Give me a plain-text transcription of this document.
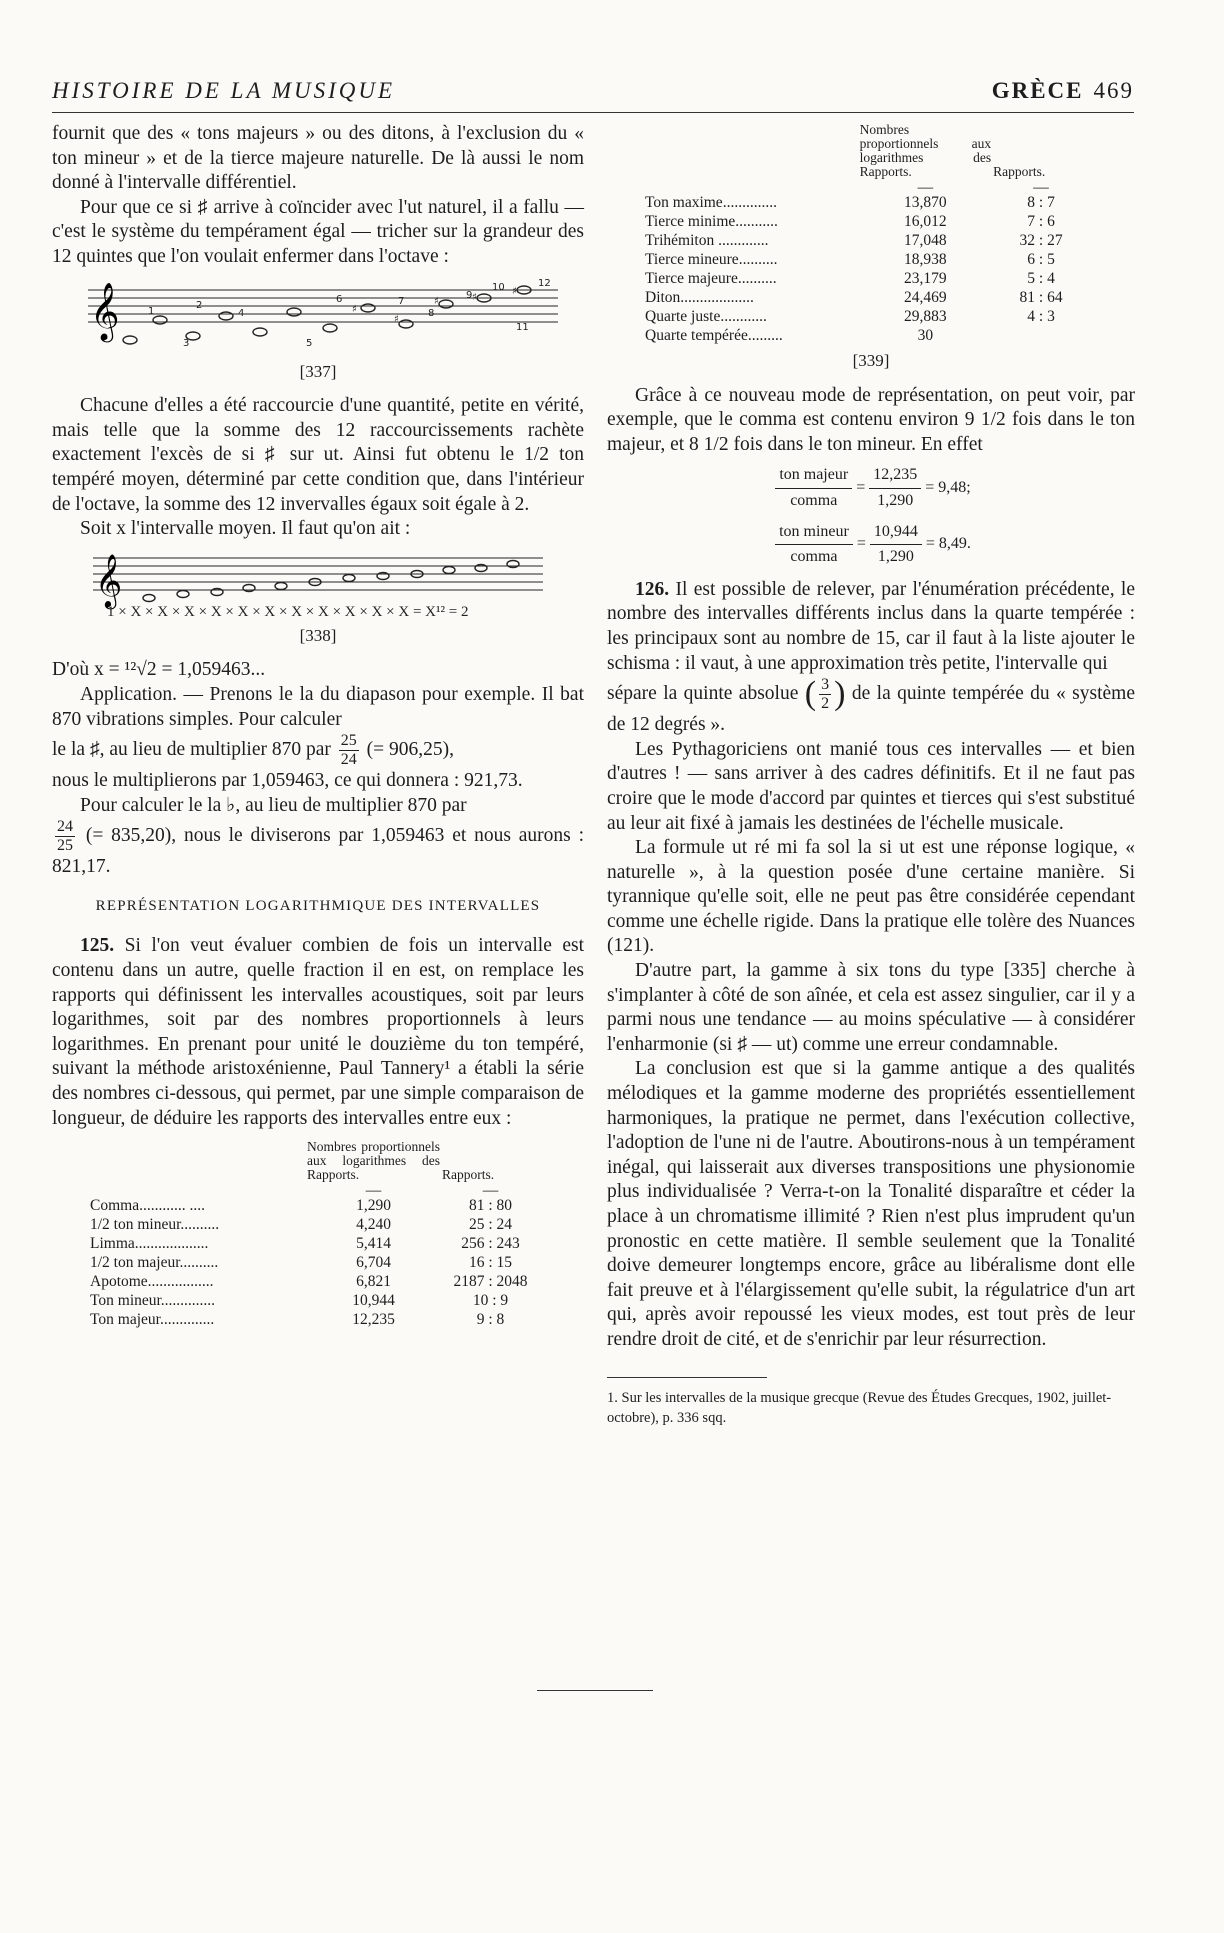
HISTOIRE DE LA MUSIQUE	GRÈCE 469

fournit que des « tons majeurs » ou des ditons, à l'exclusion du « ton mineur » et de la tierce majeure naturelle. De là aussi le nom donné à l'intervalle différentiel.

Pour que ce si ♯ arrive à coïncider avec l'ut naturel, il a fallu — c'est le système du tempérament égal — tricher sur la grandeur des 12 quintes que l'on voulait enfermer dans l'octave :

𝄞	1
2
3
4
5
6	7
8
9
10
11
12
♯
♯
♯	♯
♯
[337]

Chacune d'elles a été raccourcie d'une quantité, petite en vérité, mais telle que la somme des 12 raccourcissements rachète exactement l'excès de si ♯ sur ut. Ainsi fut obtenu le 1/2 ton tempéré moyen, déterminé par cette condition que, dans l'intérieur de l'octave, la somme des 12 invervalles égaux soit égale à 2.

Soit x l'intervalle moyen. Il faut qu'on ait :

𝄞
1 × X × X × X × X × X × X × X × X × X × X × X = X¹² = 2
[338]

D'où x = ¹²√2 = 1,059463...

Application. — Prenons le la du diapason pour exemple. Il bat 870 vibrations simples. Pour calculer

le la ♯, au lieu de multiplier 870 par $\frac{25}{24}$ (= 906,25),

nous le multiplierons par 1,059463, ce qui donnera : 921,73.

Pour calculer le la ♭, au lieu de multiplier 870 par

$\frac{24}{25}$ (= 835,20), nous le diviserons par 1,059463 et nous aurons : 821,17.

REPRÉSENTATION LOGARITHMIQUE DES INTERVALLES

125. Si l'on veut évaluer combien de fois un intervalle est contenu dans un autre, quelle fraction il en est, on remplace les rapports qui définissent les intervalles acoustiques, soit par leurs logarithmes, soit par des nombres proportionnels à leurs logarithmes. En prenant pour unité le douzième du ton tempéré, suivant la méthode aristoxénienne, Paul Tannery¹ a établi la série des nombres ci-dessous, qui permet, par une simple comparaison de longueur, de déduire les rapports des intervalles entre eux :

	Nombres proportionnels aux logarithmes des Rapports.	Rapports.
	—	—
Comma............ ....	1,290	81 : 80
1/2 ton mineur..........	4,240	25 : 24
Limma...................	5,414	256 : 243
1/2 ton majeur..........	6,704	16 : 15
Apotome.................	6,821	2187 : 2048
Ton mineur..............	10,944	10 : 9
Ton majeur..............	12,235	9 : 8
	Nombres proportionnels aux logarithmes des Rapports.	Rapports.
	—	—
Ton maxime..............	13,870	8 : 7
Tierce minime...........	16,012	7 : 6
Trihémiton .............	17,048	32 : 27
Tierce mineure..........	18,938	6 : 5
Tierce majeure..........	23,179	5 : 4
Diton...................	24,469	81 : 64
Quarte juste............	29,883	4 : 3
Quarte tempérée.........	30	
[339]

Grâce à ce nouveau mode de représentation, on peut voir, par exemple, que le comma est contenu environ 9 1/2 fois dans le ton majeur, et 8 1/2 fois dans le ton mineur. En effet

$\frac{\text{ton majeur}}{\text{comma}} = \frac{12,235}{1,290} = 9,48$;
$\frac{\text{ton mineur}}{\text{comma}} = \frac{10,944}{1,290} = 8,49$.

126. Il est possible de relever, par l'énumération précédente, le nombre des intervalles différents inclus dans la quarte tempérée : les principaux sont au nombre de 15, car il faut à la liste ajouter le schisma : il vaut, à une approximation très petite, l'intervalle qui

sépare la quinte absolue ( $\frac{3}{2}$ ) de la quinte tempérée du « système de 12 degrés ».

Les Pythagoriciens ont manié tous ces intervalles — et bien d'autres ! — sans arriver à des cadres définitifs. Et il ne faut pas croire que le mode d'accord par quintes et tierces qui s'est substitué au leur ait fixé à jamais les destinées de l'échelle musicale.

La formule ut ré mi fa sol la si ut est une réponse logique, « naturelle », à la question posée d'une certaine manière. Si tyrannique qu'elle soit, elle ne peut pas être considérée cependant comme une échelle rigide. Dans la pratique elle tolère des Nuances (121).

D'autre part, la gamme à six tons du type [335] cherche à s'implanter à côté de son aînée, et cela est assez singulier, car il y a parmi nous une tendance — au moins spéculative — à considérer l'enharmonie (si ♯ — ut) comme une erreur condamnable.

La conclusion est que si la gamme antique a des qualités mélodiques et la gamme moderne des propriétés essentiellement harmoniques, la pratique ne permet, dans l'exécution collective, l'adoption de l'une ni de l'autre. Aboutirons-nous à un tempérament inégal, qui laisserait aux diverses transpositions une physionomie plus individualisée ? Verra-t-on la Tonalité disparaître et céder la place à un chromatisme illimité ? Rien n'est plus imprudent qu'un pronostic en cette matière. Il semble seulement que la Tonalité doive demeurer longtemps encore, grâce au libéralisme dont elle fait preuve et à l'élargissement qu'elle subit, la régulatrice d'un art qui, après avoir repoussé les vieux modes, est tout près de leur rendre droit de cité, et de s'enrichir par leur résurrection.

1. Sur les intervalles de la musique grecque (Revue des Études Grecques, 1902, juillet-octobre), p. 336 sqq.
